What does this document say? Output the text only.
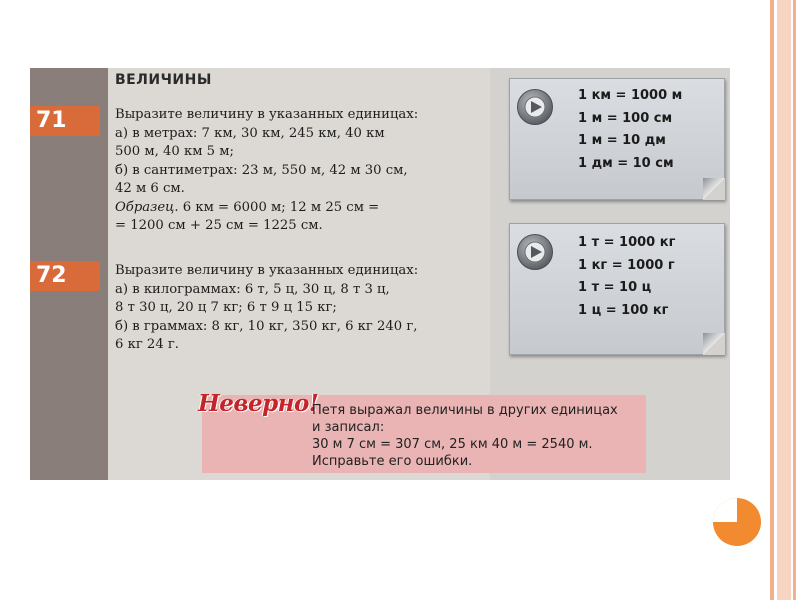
ВЕЛИЧИНЫ
71	Выразите величину в указанных единицах:
а) в метрах: 7 км, 30 км, 245 км, 40 км
500 м, 40 км 5 м;
б) в сантиметрах: 23 м, 550 м, 42 м 30 см,
42 м 6 см.
Образец. 6 км = 6000 м; 12 м 25 см =
= 1200 см + 25 см = 1225 см.
72	Выразите величину в указанных единицах:
а) в килограммах: 6 т, 5 ц, 30 ц, 8 т 3 ц,
8 т 30 ц, 20 ц 7 кг; 6 т 9 ц 15 кг;
б) в граммах: 8 кг, 10 кг, 350 кг, 6 кг 240 г,
6 кг 24 г.
1 км = 1000 м
1 м = 100 см
1 м = 10 дм
1 дм = 10 см
1 т = 1000 кг
1 кг = 1000 г
1 т = 10 ц
1 ц = 100 кг
Неверно!
Петя выражал величины в других единицах
и записал:
30 м 7 см = 307 см, 25 км 40 м = 2540 м.
Исправьте его ошибки.
